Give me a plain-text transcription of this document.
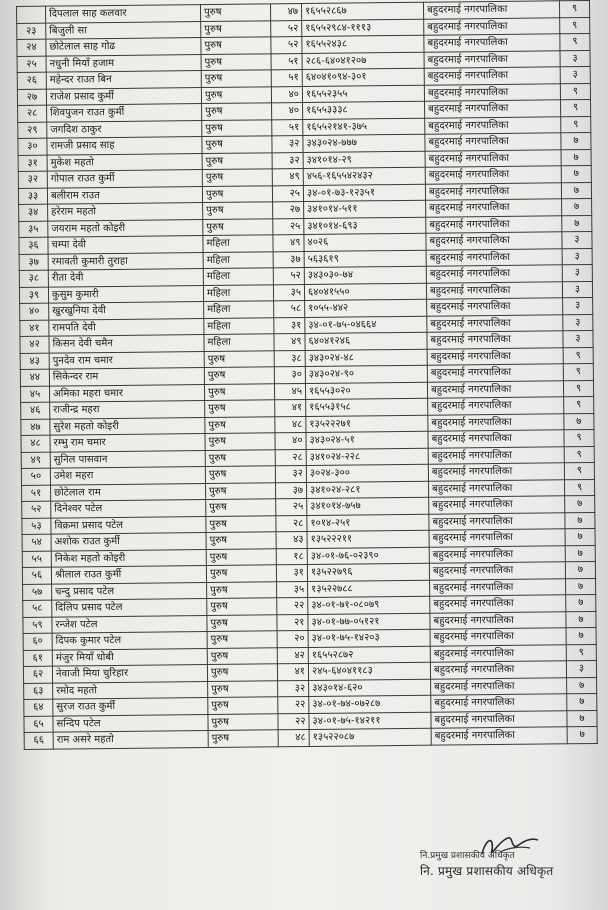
	दिपलाल साह कलवार	पुरुष	४७	१६५५२८६७	बहुदरमाई नगरपालिका	९
२३	बिजुली सा	पुरुष	५२	१६५५२९८४-१११३	बहुदरमाई नगरपालिका	९
२४	छोटेलाल साह गोढ	पुरुष	५२	१६५५२४३८	बहुदरमाई नगरपालिका	९
२५	नधुनी मियाँ हजाम	पुरुष	५१	२८६-६४०४१२०७	बहुदरमाई नगरपालिका	३
२६	महेन्दर राउत बिन	पुरुष	५१	६४०४१०९४-३०१	बहुदरमाई नगरपालिका	३
२७	राजेश प्रसाद कुर्मी	पुरुष	४०	१६५५२३५५	बहुदरमाई नगरपालिका	९
२८	शिवपुजन राउत कुर्मी	पुरुष	४०	१६५५३३३८	बहुदरमाई नगरपालिका	९
२९	जगदिश ठाकुर	पुरुष	५१	१६५५२१४१-३७५	बहुदरमाई नगरपालिका	९
३०	रामजी प्रसाद साह	पुरुष	३२	३४३०२४-७७७	बहुदरमाई नगरपालिका	७
३१	मुकेश महतो	पुरुष	३२	३४१०१४-२९	बहुदरमाई नगरपालिका	७
३२	गोपाल राउत कुर्मी	पुरुष	४९	४५६-१६५५४२४३२	बहुदरमाई नगरपालिका	७
३३	बलीराम राउत	पुरुष	२५	३४-०१-७३-१२३५१	बहुदरमाई नगरपालिका	७
३४	हरेराम महतो	पुरुष	२७	३४१०१४-५११	बहुदरमाई नगरपालिका	७
३५	जयराम महतो कोइरी	पुरुष	२५	३४१०१४-६९३	बहुदरमाई नगरपालिका	७
३६	चम्पा देवी	महिला	४९	४०२६	बहुदरमाई नगरपालिका	३
३७	रमावती कुमारी तुराहा	महिला	३७	५६३६१९	बहुदरमाई नगरपालिका	३
३८	रीता देवी	महिला	५२	३४३०३०-७४	बहुदरमाई नगरपालिका	३
३९	कुसुम कुमारी	महिला	३५	६४०४१५५०	बहुदरमाई नगरपालिका	३
४०	खुरखुनिया देवी	महिला	५८	१०५५-४४२	बहुदरमाई नगरपालिका	३
४१	रामपति देवी	महिला	३१	३४-०१-७५-०४६६४	बहुदरमाई नगरपालिका	३
४२	किसन देवी चमैन	महिला	४९	६४०४१२४६	बहुदरमाई नगरपालिका	३
४३	पुनदेव राम चमार	पुरुष	३८	३४३०२४-४८	बहुदरमाई नगरपालिका	९
४४	सिकेन्दर राम	पुरुष	३०	३४३०२४-९०	बहुदरमाई नगरपालिका	९
४५	अमिका महरा चमार	पुरुष	४५	१६५५३०२०	बहुदरमाई नगरपालिका	९
४६	राजीन्द्र महरा	पुरुष	४१	१६५५३१५८	बहुदरमाई नगरपालिका	९
४७	सुरेश महतो कोइरी	पुरुष	४८	१३५२२२७१	बहुदरमाई नगरपालिका	७
४८	रम्भु राम चमार	पुरुष	४०	३४३०२४-५१	बहुदरमाई नगरपालिका	९
४९	सुनिल पासवान	पुरुष	२८	३४१०२४-२२८	बहुदरमाई नगरपालिका	९
५०	उमेश महरा	पुरुष	३२	३०२४-३००	बहुदरमाई नगरपालिका	९
५१	छोटेलाल राम	पुरुष	३७	३४१०२४-२८१	बहुदरमाई नगरपालिका	९
५२	दिनेश्वर पटेल	पुरुष	२५	३४१०१४-७५७	बहुदरमाई नगरपालिका	७
५३	विक्रमा प्रसाद पटेल	पुरुष	२८	१०१४-२५१	बहुदरमाई नगरपालिका	७
५४	अशोक राउत कुर्मी	पुरुष	४३	१३५२२२११	बहुदरमाई नगरपालिका	७
५५	निकेश महतो कोइरी	पुरुष	१८	३४-०१-७६-०२३९०	बहुदरमाई नगरपालिका	७
५६	श्रीलाल राउत कुर्मी	पुरुष	३१	१३५२२७९६	बहुदरमाई नगरपालिका	७
५७	चन्दु प्रसाद पटेल	पुरुष	३५	१३५२२७८८	बहुदरमाई नगरपालिका	७
५८	दिलिप प्रसाद पटेल	पुरुष	२२	३४-०१-७१-०८०७९	बहुदरमाई नगरपालिका	७
५९	रन्जेश पटेल	पुरुष	२१	३४-०१-७७-०५१२१	बहुदरमाई नगरपालिका	७
६०	दिपक कुमार पटेल	पुरुष	२०	३४-०१-७५-१४२०३	बहुदरमाई नगरपालिका	७
६१	मंजुर मियाँ धोबी	पुरुष	४२	१६५५२८७२	बहुदरमाई नगरपालिका	९
६२	नेवाजी मिया चुरिहार	पुरुष	४१	२४५-६४०४११८३	बहुदरमाई नगरपालिका	३
६३	रमोद महतो	पुरुष	३२	३४३०१४-६२०	बहुदरमाई नगरपालिका	७
६४	सुरज राउत कुर्मी	पुरुष	२२	३४-०१-७४-०७२८७	बहुदरमाई नगरपालिका	७
६५	सन्दिप पटेल	पुरुष	२२	३४-०१-७५-१४२११	बहुदरमाई नगरपालिका	७
६६	राम असरे महतो	पुरुष	४८	१३५२२०८७	बहुदरमाई नगरपालिका	७
नि.प्रमुख प्रशासकीय अधिकृत
नि. प्रमुख प्रशासकीय अधिकृत
